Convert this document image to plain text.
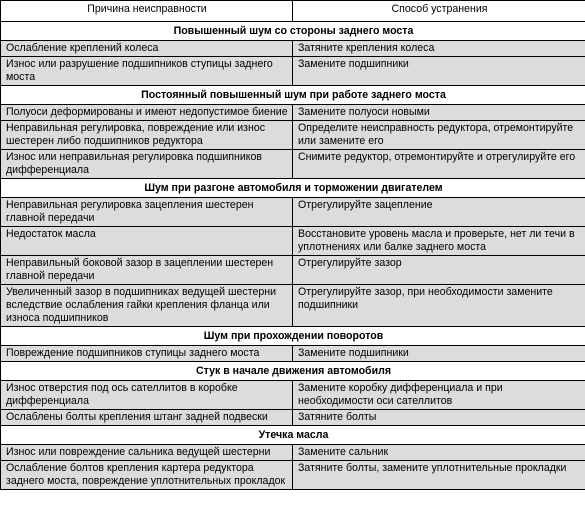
Причина неисправности	Способ устранения
Повышенный шум со стороны заднего моста	
Ослабление креплений колеса	Затяните крепления колеса
Износ или разрушение подшипников ступицы заднего моста	Замените подшипники
Постоянный повышенный шум при работе заднего моста	
Полуоси деформированы и имеют недопустимое биение	Замените полуоси новыми
Неправильная регулировка, повреждение или износ шестерен либо подшипников редуктора	Определите неисправность редуктора, отремонтируйте или замените его
Износ или неправильная регулировка подшипников дифференциала	Снимите редуктор, отремонтируйте и отрегулируйте его
Шум при разгоне автомобиля и торможении двигателем	
Неправильная регулировка зацепления шестерен главной передачи	Отрегулируйте зацепление
Недостаток масла	Восстановите уровень масла и проверьте, нет ли течи в уплотнениях или балке заднего моста
Неправильный боковой зазор в зацеплении шестерен главной передачи	Отрегулируйте зазор
Увеличенный зазор в подшипниках ведущей шестерни вследствие ослабления гайки крепления фланца или износа подшипников	Отрегулируйте зазор, при необходимости замените подшипники
Шум при прохождении поворотов	
Повреждение подшипников ступицы заднего моста	Замените подшипники
Стук в начале движения автомобиля	
Износ отверстия под ось сателлитов в коробке дифференциала	Замените коробку дифференциала и при необходимости оси сателлитов
Ослаблены болты крепления штанг задней подвески	Затяните болты
Утечка масла	
Износ или повреждение сальника ведущей шестерни	Замените сальник
Ослабление болтов крепления картера редуктора заднего моста, повреждение уплотнительных прокладок	Затяните болты, замените уплотнительные прокладки
